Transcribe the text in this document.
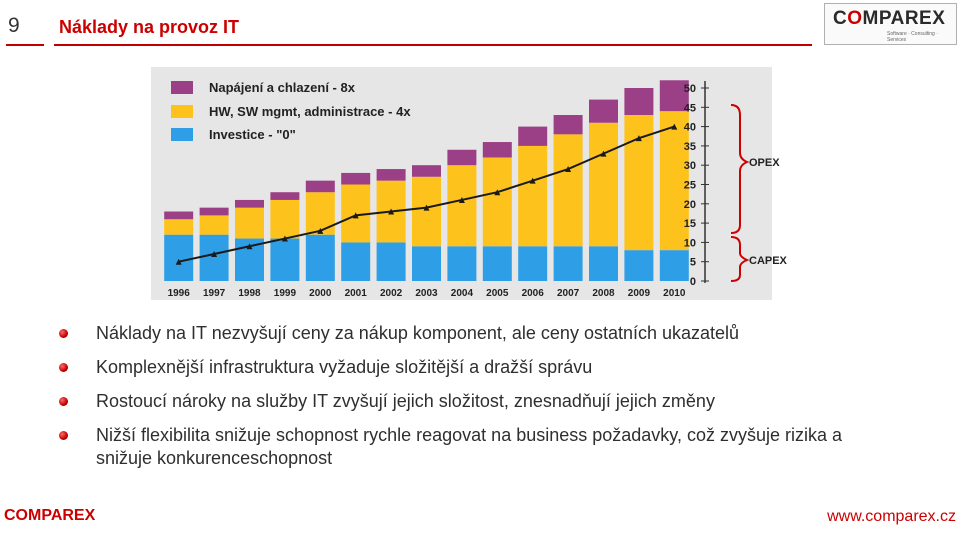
9 Náklady na provoz IT	COMPAREX
Software · Consulting · Services
1996 1997 1998 1999 2000 2001 2002 2003 2004 2005 2006 2007 2008 2009 2010
0
5
10
15
20
25
30
35
40
45
50
Napájení a chlazení - 8x
HW, SW mgmt, administrace - 4x
Investice - "0"
OPEX
CAPEX
Náklady na IT nezvyšují ceny za nákup komponent, ale ceny ostatních ukazatelů
Komplexnější infrastruktura vyžaduje složitější a dražší správu
Rostoucí nároky na služby IT zvyšují jejich složitost, znesnadňují jejich změny
Nižší flexibilita snižuje schopnost rychle reagovat na business požadavky, což zvyšuje rizika a snižuje konkurenceschopnost
COMPAREX	www.comparex.cz
